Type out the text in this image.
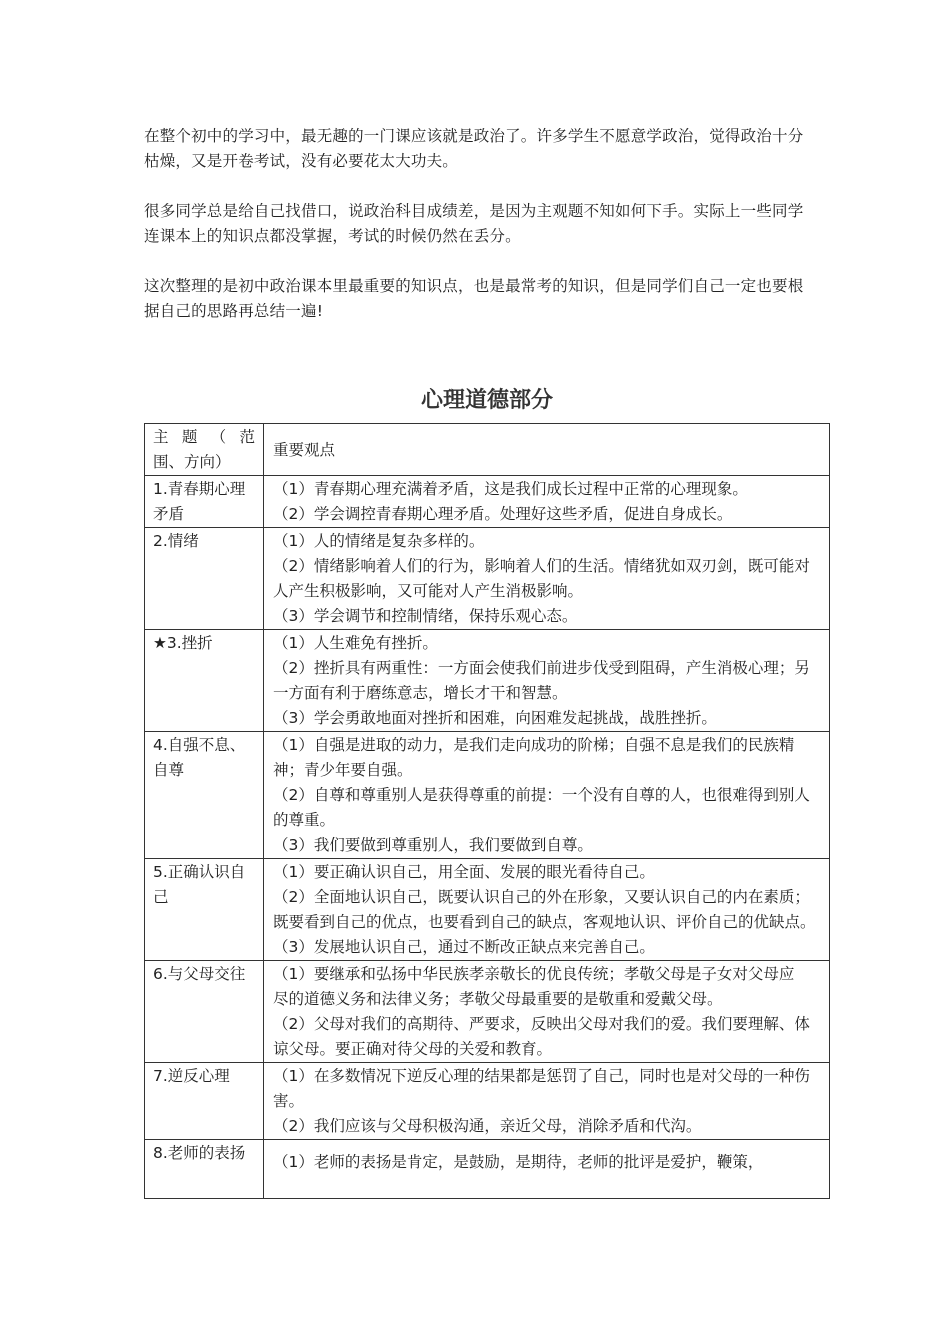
在整个初中的学习中，最无趣的一门课应该就是政治了。许多学生不愿意学政治，觉得政治十分枯燥，又是开卷考试，没有必要花太大功夫。

很多同学总是给自己找借口，说政治科目成绩差，是因为主观题不知如何下手。实际上一些同学连课本上的知识点都没掌握，考试的时候仍然在丢分。

这次整理的是初中政治课本里最重要的知识点，也是最常考的知识，但是同学们自己一定也要根据自己的思路再总结一遍!

心理道德部分
主 题 （ 范 围、方向）	重要观点
1.青春期心理矛盾	（1）青春期心理充满着矛盾，这是我们成长过程中正常的心理现象。
（2）学会调控青春期心理矛盾。处理好这些矛盾，促进自身成长。

2.情绪	（1）人的情绪是复杂多样的。
（2）情绪影响着人们的行为，影响着人们的生活。情绪犹如双刃剑，既可能对人产生积极影响，又可能对人产生消极影响。
（3）学会调节和控制情绪，保持乐观心态。

★3.挫折	（1）人生难免有挫折。
（2）挫折具有两重性：一方面会使我们前进步伐受到阻碍，产生消极心理；另一方面有利于磨练意志，增长才干和智慧。
（3）学会勇敢地面对挫折和困难，向困难发起挑战，战胜挫折。

4.自强不息、自尊	（1）自强是进取的动力，是我们走向成功的阶梯；自强不息是我们的民族精神；青少年要自强。
（2）自尊和尊重别人是获得尊重的前提：一个没有自尊的人，也很难得到别人的尊重。
（3）我们要做到尊重别人，我们要做到自尊。

5.正确认识自己	（1）要正确认识自己，用全面、发展的眼光看待自己。
（2）全面地认识自己，既要认识自己的外在形象，又要认识自己的内在素质；既要看到自己的优点，也要看到自己的缺点，客观地认识、评价自己的优缺点。
（3）发展地认识自己，通过不断改正缺点来完善自己。

6.与父母交往	（1）要继承和弘扬中华民族孝亲敬长的优良传统；孝敬父母是子女对父母应
尽的道德义务和法律义务；孝敬父母最重要的是敬重和爱戴父母。
（2）父母对我们的高期待、严要求，反映出父母对我们的爱。我们要理解、体谅父母。要正确对待父母的关爱和教育。

7.逆反心理	（1）在多数情况下逆反心理的结果都是惩罚了自己，同时也是对父母的一种伤害。
（2）我们应该与父母积极沟通，亲近父母，消除矛盾和代沟。

8.老师的表扬	（1）老师的表扬是肯定，是鼓励，是期待，老师的批评是爱护，鞭策，
